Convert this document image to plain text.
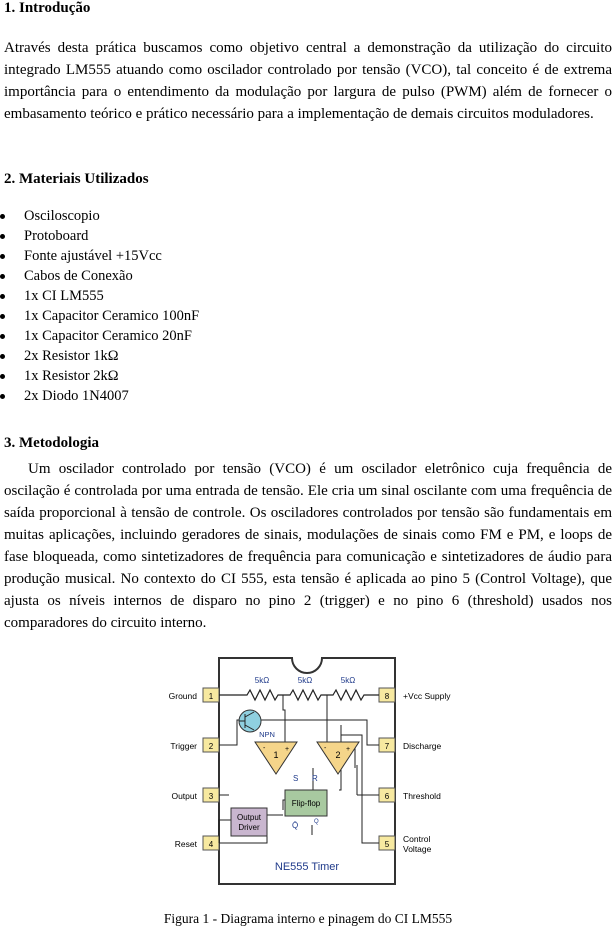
1. Introdução

Através desta prática buscamos como objetivo central a demonstração da utilização do circuito integrado LM555 atuando como oscilador controlado por tensão (VCO), tal conceito é de extrema importância para o entendimento da modulação por largura de pulso (PWM) além de fornecer o embasamento teórico e prático necessário para a implementação de demais circuitos moduladores.

2. Materiais Utilizados
Osciloscopio
Protoboard
Fonte ajustável +15Vcc
Cabos de Conexão
1x CI LM555
1x Capacitor Ceramico 100nF
1x Capacitor Ceramico 20nF
2x Resistor 1kΩ
1x Resistor 2kΩ
2x Diodo 1N4007
3. Metodologia

Um oscilador controlado por tensão (VCO) é um oscilador eletrônico cuja frequência de oscilação é controlada por uma entrada de tensão. Ele cria um sinal oscilante com uma frequência de saída proporcional à tensão de controle. Os osciladores controlados por tensão são fundamentais em muitas aplicações, incluindo geradores de sinais, modulações de sinais como FM e PM, e loops de fase bloqueada, como sintetizadores de frequência para comunicação e sintetizadores de áudio para produção musical. No contexto do CI 555, esta tensão é aplicada ao pino 5 (Control Voltage), que ajusta os níveis internos de disparo no pino 2 (trigger) e no pino 6 (threshold) usados nos comparadores do circuito interno.

1
Ground
2
Trigger
3
Output
4
Reset
8 +Vcc Supply
7 Discharge
6 Threshold
5
Control
Voltage
5kΩ	5kΩ	5kΩ
NPN
1
-	+
2
-	+
S R
Flip-flop
Q̄	Q
Output
Driver
NE555 Timer
Figura 1 - Diagrama interno e pinagem do CI LM555
